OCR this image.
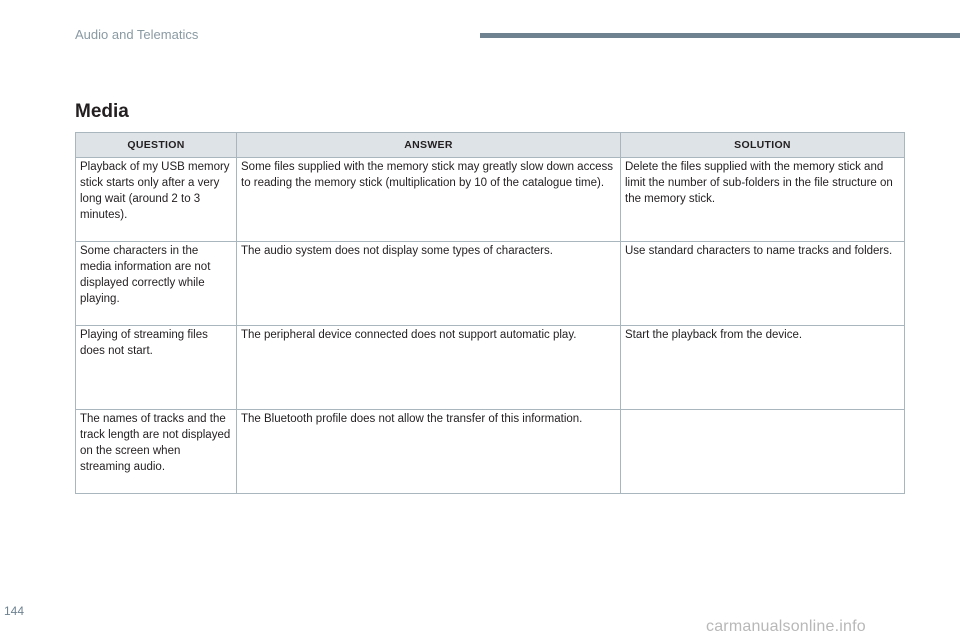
Audio and Telematics
Media
QUESTION	ANSWER	SOLUTION
Playback of my USB memory stick starts only after a very long wait (around 2 to 3 minutes).	Some files supplied with the memory stick may greatly slow down access to reading the memory stick (multiplication by 10 of the catalogue time).	Delete the files supplied with the memory stick and limit the number of sub-folders in the file structure on the memory stick.
Some characters in the media information are not displayed correctly while playing.	The audio system does not display some types of characters.	Use standard characters to name tracks and folders.
Playing of streaming files does not start.	The peripheral device connected does not support automatic play.	Start the playback from the device.
The names of tracks and the track length are not displayed on the screen when streaming audio.	The Bluetooth profile does not allow the transfer of this information.	
144
carmanualsonline.info
